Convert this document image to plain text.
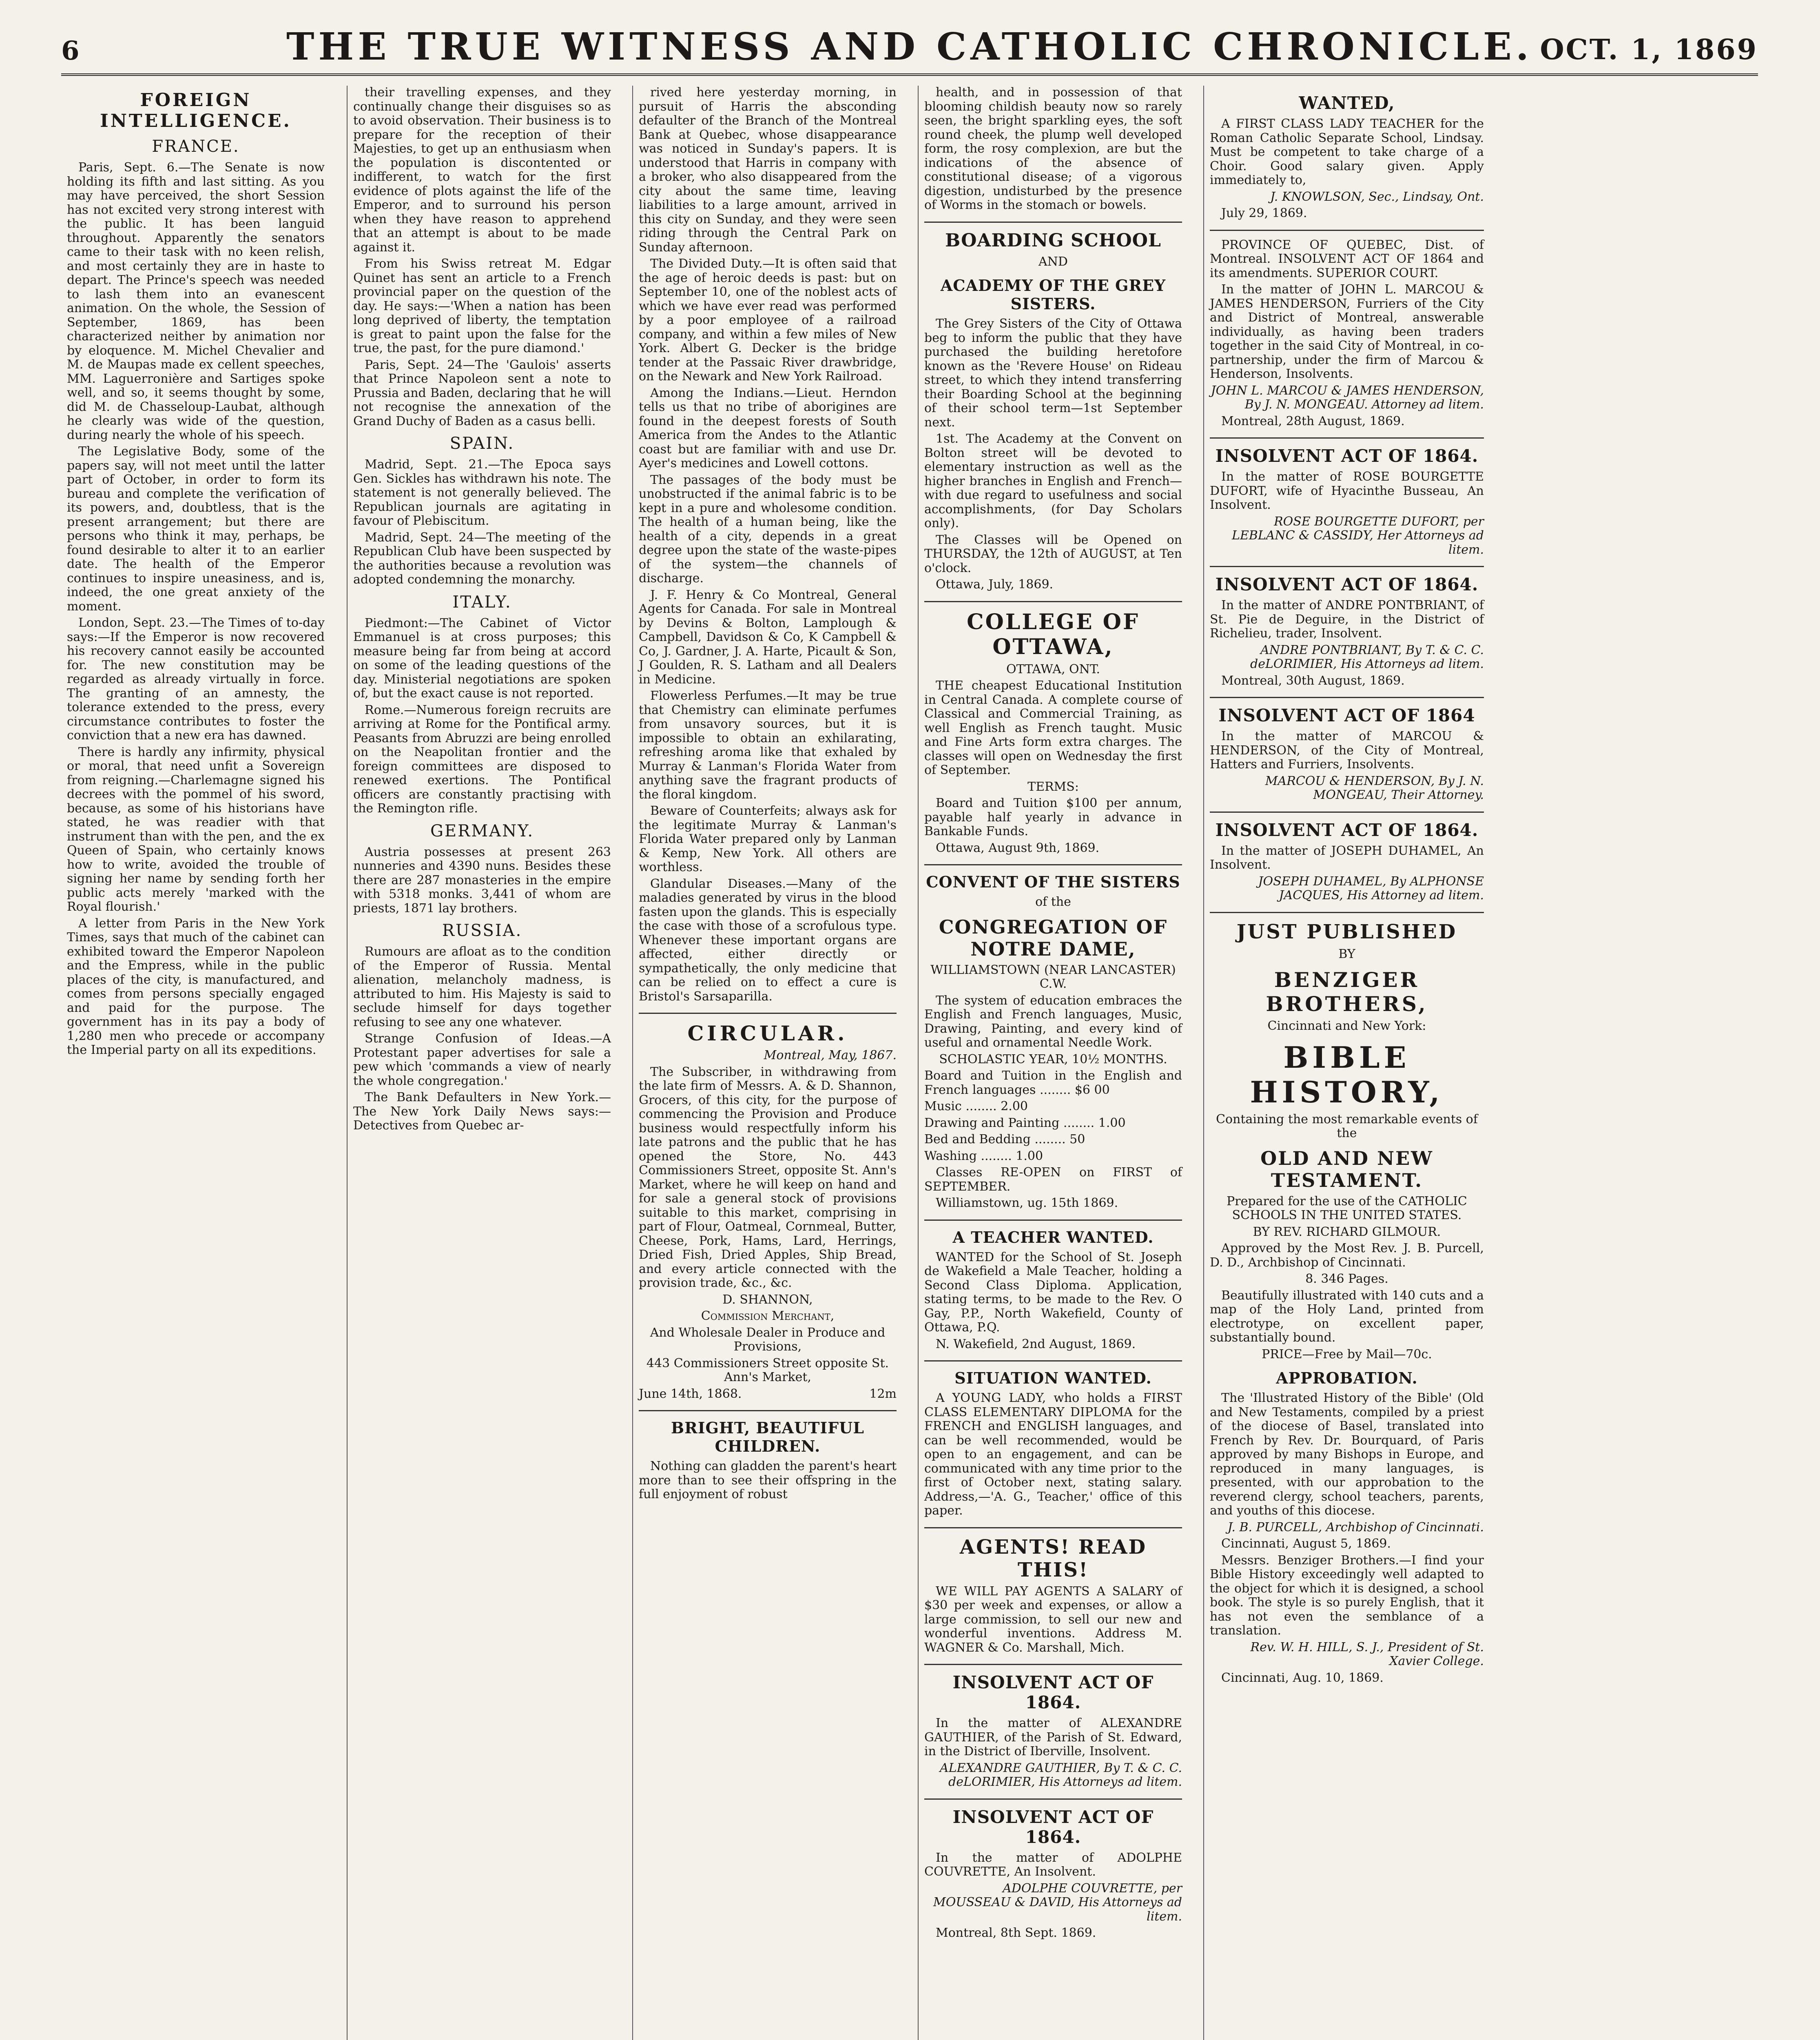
6	THE TRUE WITNESS AND CATHOLIC CHRONICLE. OCT. 1, 1869
FOREIGN INTELLIGENCE.
FRANCE.

Paris, Sept. 6.—The Senate is now holding its fifth and last sitting. As you may have perceived, the short Session has not excited very strong interest with the public. It has been languid throughout. Apparently the senators came to their task with no keen relish, and most certainly they are in haste to depart. The Prince's speech was needed to lash them into an evanescent animation. On the whole, the Session of September, 1869, has been characterized neither by animation nor by eloquence. M. Michel Chevalier and M. de Maupas made ex cellent speeches, MM. Laguerronière and Sartiges spoke well, and so, it seems thought by some, did M. de Chasseloup-Laubat, although he clearly was wide of the question, during nearly the whole of his speech.

The Legislative Body, some of the papers say, will not meet until the latter part of October, in order to form its bureau and complete the verification of its powers, and, doubtless, that is the present arrangement; but there are persons who think it may, perhaps, be found desirable to alter it to an earlier date. The health of the Emperor continues to inspire uneasiness, and is, indeed, the one great anxiety of the moment.

London, Sept. 23.—The Times of to-day says:—If the Emperor is now recovered his recovery cannot easily be accounted for. The new constitution may be regarded as already virtually in force. The granting of an amnesty, the tolerance extended to the press, every circumstance contributes to foster the conviction that a new era has dawned.

There is hardly any infirmity, physical or moral, that need unfit a Sovereign from reigning.—Charlemagne signed his decrees with the pommel of his sword, because, as some of his historians have stated, he was readier with that instrument than with the pen, and the ex Queen of Spain, who certainly knows how to write, avoided the trouble of signing her name by sending forth her public acts merely 'marked with the Royal flourish.'

A letter from Paris in the New York Times, says that much of the cabinet can exhibited toward the Emperor Napoleon and the Empress, while in the public places of the city, is manufactured, and comes from persons specially engaged and paid for the purpose. The government has in its pay a body of 1,280 men who precede or accompany the Imperial party on all its expeditions.

their travelling expenses, and they continually change their disguises so as to avoid observation. Their business is to prepare for the reception of their Majesties, to get up an enthusiasm when the population is discontented or indifferent, to watch for the first evidence of plots against the life of the Emperor, and to surround his person when they have reason to apprehend that an attempt is about to be made against it.

From his Swiss retreat M. Edgar Quinet has sent an article to a French provincial paper on the question of the day. He says:—'When a nation has been long deprived of liberty, the temptation is great to paint upon the false for the true, the past, for the pure diamond.'

Paris, Sept. 24—The 'Gaulois' asserts that Prince Napoleon sent a note to Prussia and Baden, declaring that he will not recognise the annexation of the Grand Duchy of Baden as a casus belli.

SPAIN.

Madrid, Sept. 21.—The Epoca says Gen. Sickles has withdrawn his note. The statement is not generally believed. The Republican journals are agitating in favour of Plebiscitum.

Madrid, Sept. 24—The meeting of the Republican Club have been suspected by the authorities because a revolution was adopted condemning the monarchy.

ITALY.

Piedmont:—The Cabinet of Victor Emmanuel is at cross purposes; this measure being far from being at accord on some of the leading questions of the day. Ministerial negotiations are spoken of, but the exact cause is not reported.

Rome.—Numerous foreign recruits are arriving at Rome for the Pontifical army. Peasants from Abruzzi are being enrolled on the Neapolitan frontier and the foreign committees are disposed to renewed exertions. The Pontifical officers are constantly practising with the Remington rifle.

GERMANY.

Austria possesses at present 263 nunneries and 4390 nuns. Besides these there are 287 monasteries in the empire with 5318 monks. 3,441 of whom are priests, 1871 lay brothers.

RUSSIA.

Rumours are afloat as to the condition of the Emperor of Russia. Mental alienation, melancholy madness, is attributed to him. His Majesty is said to seclude himself for days together refusing to see any one whatever.

Strange Confusion of Ideas.—A Protestant paper advertises for sale a pew which 'commands a view of nearly the whole congregation.'

The Bank Defaulters in New York.—The New York Daily News says:—Detectives from Quebec ar-

rived here yesterday morning, in pursuit of Harris the absconding defaulter of the Branch of the Montreal Bank at Quebec, whose disappearance was noticed in Sunday's papers. It is understood that Harris in company with a broker, who also disappeared from the city about the same time, leaving liabilities to a large amount, arrived in this city on Sunday, and they were seen riding through the Central Park on Sunday afternoon.

The Divided Duty.—It is often said that the age of heroic deeds is past: but on September 10, one of the noblest acts of which we have ever read was performed by a poor employee of a railroad company, and within a few miles of New York. Albert G. Decker is the bridge tender at the Passaic River drawbridge, on the Newark and New York Railroad.

Among the Indians.—Lieut. Herndon tells us that no tribe of aborigines are found in the deepest forests of South America from the Andes to the Atlantic coast but are familiar with and use Dr. Ayer's medicines and Lowell cottons.

The passages of the body must be unobstructed if the animal fabric is to be kept in a pure and wholesome condition. The health of a human being, like the health of a city, depends in a great degree upon the state of the waste-pipes of the system—the channels of discharge.

J. F. Henry & Co Montreal, General Agents for Canada. For sale in Montreal by Devins & Bolton, Lamplough & Campbell, Davidson & Co, K Campbell & Co, J. Gardner, J. A. Harte, Picault & Son, J Goulden, R. S. Latham and all Dealers in Medicine.

Flowerless Perfumes.—It may be true that Chemistry can eliminate perfumes from unsavory sources, but it is impossible to obtain an exhilarating, refreshing aroma like that exhaled by Murray & Lanman's Florida Water from anything save the fragrant products of the floral kingdom.

Beware of Counterfeits; always ask for the legitimate Murray & Lanman's Florida Water prepared only by Lanman & Kemp, New York. All others are worthless.

Glandular Diseases.—Many of the maladies generated by virus in the blood fasten upon the glands. This is especially the case with those of a scrofulous type. Whenever these important organs are affected, either directly or sympathetically, the only medicine that can be relied on to effect a cure is Bristol's Sarsaparilla.

CIRCULAR.

Montreal, May, 1867.

The Subscriber, in withdrawing from the late firm of Messrs. A. & D. Shannon, Grocers, of this city, for the purpose of commencing the Provision and Produce business would respectfully inform his late patrons and the public that he has opened the Store, No. 443 Commissioners Street, opposite St. Ann's Market, where he will keep on hand and for sale a general stock of provisions suitable to this market, comprising in part of Flour, Oatmeal, Cornmeal, Butter, Cheese, Pork, Hams, Lard, Herrings, Dried Fish, Dried Apples, Ship Bread, and every article connected with the provision trade, &c., &c.

D. SHANNON,

Commission Merchant,

And Wholesale Dealer in Produce and Provisions,

443 Commissioners Street opposite St. Ann's Market,

June 14th, 1868.	12m

BRIGHT, BEAUTIFUL CHILDREN.

Nothing can gladden the parent's heart more than to see their offspring in the full enjoyment of robust

health, and in possession of that blooming childish beauty now so rarely seen, the bright sparkling eyes, the soft round cheek, the plump well developed form, the rosy complexion, are but the indications of the absence of constitutional disease; of a vigorous digestion, undisturbed by the presence of Worms in the stomach or bowels.

BOARDING SCHOOL

AND

ACADEMY OF THE GREY SISTERS.

The Grey Sisters of the City of Ottawa beg to inform the public that they have purchased the building heretofore known as the 'Revere House' on Rideau street, to which they intend transferring their Boarding School at the beginning of their school term—1st September next.

1st. The Academy at the Convent on Bolton street will be devoted to elementary instruction as well as the higher branches in English and French—with due regard to usefulness and social accomplishments, (for Day Scholars only).

The Classes will be Opened on THURSDAY, the 12th of AUGUST, at Ten o'clock.

Ottawa, July, 1869.

COLLEGE OF OTTAWA,

OTTAWA, ONT.

THE cheapest Educational Institution in Central Canada. A complete course of Classical and Commercial Training, as well English as French taught. Music and Fine Arts form extra charges. The classes will open on Wednesday the first of September.

TERMS:

Board and Tuition $100 per annum, payable half yearly in advance in Bankable Funds.

Ottawa, August 9th, 1869.

CONVENT OF THE SISTERS

of the

CONGREGATION OF NOTRE DAME,

WILLIAMSTOWN (NEAR LANCASTER) C.W.

The system of education embraces the English and French languages, Music, Drawing, Painting, and every kind of useful and ornamental Needle Work.

SCHOLASTIC YEAR, 10½ MONTHS.

Board and Tuition in the English and French languages ........ $6 00

Music ........ 2.00

Drawing and Painting ........ 1.00

Bed and Bedding ........ 50

Washing ........ 1.00

Classes RE-OPEN on FIRST of SEPTEMBER.

Williamstown, ug. 15th 1869.

A TEACHER WANTED.

WANTED for the School of St. Joseph de Wakefield a Male Teacher, holding a Second Class Diploma. Application, stating terms, to be made to the Rev. O Gay, P.P., North Wakefield, County of Ottawa, P.Q.

N. Wakefield, 2nd August, 1869.

SITUATION WANTED.

A YOUNG LADY, who holds a FIRST CLASS ELEMENTARY DIPLOMA for the FRENCH and ENGLISH languages, and can be well recommended, would be open to an engagement, and can be communicated with any time prior to the first of October next, stating salary. Address,—'A. G., Teacher,' office of this paper.

AGENTS! READ THIS!

WE WILL PAY AGENTS A SALARY of $30 per week and expenses, or allow a large commission, to sell our new and wonderful inventions. Address M. WAGNER & Co. Marshall, Mich.

INSOLVENT ACT OF 1864.

In the matter of ALEXANDRE GAUTHIER, of the Parish of St. Edward, in the District of Iberville, Insolvent.

ALEXANDRE GAUTHIER, By T. & C. C. deLORIMIER, His Attorneys ad litem.

INSOLVENT ACT OF 1864.

In the matter of ADOLPHE COUVRETTE, An Insolvent.

ADOLPHE COUVRETTE, per MOUSSEAU & DAVID, His Attorneys ad litem.

Montreal, 8th Sept. 1869.

WANTED,

A FIRST CLASS LADY TEACHER for the Roman Catholic Separate School, Lindsay. Must be competent to take charge of a Choir. Good salary given. Apply immediately to,

J. KNOWLSON, Sec., Lindsay, Ont.

July 29, 1869.

PROVINCE OF QUEBEC, Dist. of Montreal. INSOLVENT ACT OF 1864 and its amendments. SUPERIOR COURT.

In the matter of JOHN L. MARCOU & JAMES HENDERSON, Furriers of the City and District of Montreal, answerable individually, as having been traders together in the said City of Montreal, in co-partnership, under the firm of Marcou & Henderson, Insolvents.

JOHN L. MARCOU & JAMES HENDERSON, By J. N. MONGEAU. Attorney ad litem.

Montreal, 28th August, 1869.

INSOLVENT ACT OF 1864.

In the matter of ROSE BOURGETTE DUFORT, wife of Hyacinthe Busseau, An Insolvent.

ROSE BOURGETTE DUFORT, per LEBLANC & CASSIDY, Her Attorneys ad litem.

INSOLVENT ACT OF 1864.

In the matter of ANDRE PONTBRIANT, of St. Pie de Deguire, in the District of Richelieu, trader, Insolvent.

ANDRE PONTBRIANT, By T. & C. C. deLORIMIER, His Attorneys ad litem.

Montreal, 30th August, 1869.

INSOLVENT ACT OF 1864

In the matter of MARCOU & HENDERSON, of the City of Montreal, Hatters and Furriers, Insolvents.

MARCOU & HENDERSON, By J. N. MONGEAU, Their Attorney.

INSOLVENT ACT OF 1864.

In the matter of JOSEPH DUHAMEL, An Insolvent.

JOSEPH DUHAMEL, By ALPHONSE JACQUES, His Attorney ad litem.

JUST PUBLISHED

BY

BENZIGER BROTHERS,

Cincinnati and New York:

BIBLE HISTORY,

Containing the most remarkable events of the

OLD AND NEW TESTAMENT.

Prepared for the use of the CATHOLIC SCHOOLS IN THE UNITED STATES.

BY REV. RICHARD GILMOUR.

Approved by the Most Rev. J. B. Purcell, D. D., Archbishop of Cincinnati.

8. 346 Pages.

Beautifully illustrated with 140 cuts and a map of the Holy Land, printed from electrotype, on excellent paper, substantially bound.

PRICE—Free by Mail—70c.

APPROBATION.

The 'Illustrated History of the Bible' (Old and New Testaments, compiled by a priest of the diocese of Basel, translated into French by Rev. Dr. Bourquard, of Paris approved by many Bishops in Europe, and reproduced in many languages, is presented, with our approbation to the reverend clergy, school teachers, parents, and youths of this diocese.

J. B. PURCELL, Archbishop of Cincinnati.

Cincinnati, August 5, 1869.

Messrs. Benziger Brothers.—I find your Bible History exceedingly well adapted to the object for which it is designed, a school book. The style is so purely English, that it has not even the semblance of a translation.

Rev. W. H. HILL, S. J., President of St. Xavier College.

Cincinnati, Aug. 10, 1869.
